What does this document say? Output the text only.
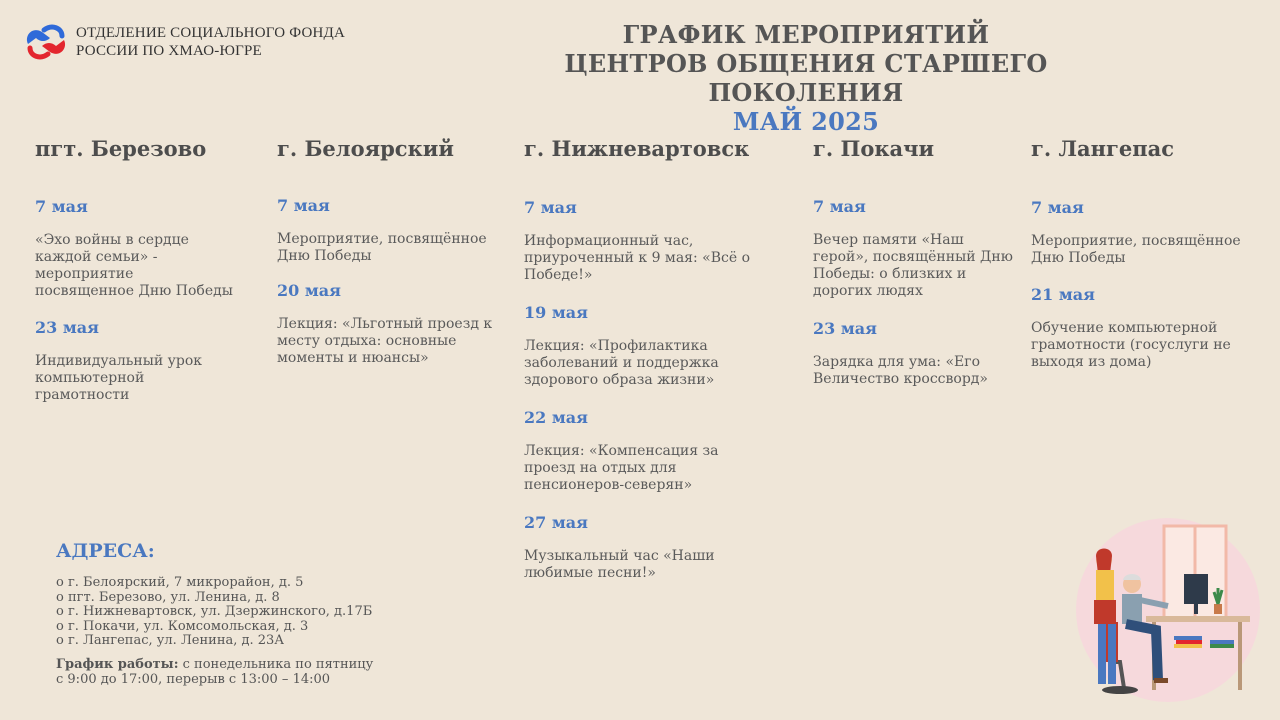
ОТДЕЛЕНИЕ СОЦИАЛЬНОГО ФОНДА
РОССИИ ПО ХМАО-ЮГРЕ
ГРАФИК МЕРОПРИЯТИЙ
ЦЕНТРОВ ОБЩЕНИЯ СТАРШЕГО ПОКОЛЕНИЯ
МАЙ 2025
пгт. Березово
7 мая
«Эхо войны в сердце каждой семьи» - мероприятие посвященное Дню Победы
23 мая
Индивидуальный урок компьютерной грамотности
г. Белоярский
7 мая
Мероприятие, посвящённое Дню Победы
20 мая
Лекция: «Льготный проезд к месту отдыха: основные моменты и нюансы»
г. Нижневартовск
7 мая
Информационный час, приуроченный к 9 мая: «Всё о Победе!»
19 мая
Лекция: «Профилактика заболеваний и поддержка здорового образа жизни»
22 мая
Лекция: «Компенсация за проезд на отдых для пенсионеров-северян»
27 мая
Музыкальный час «Наши любимые песни!»
г. Покачи
7 мая
Вечер памяти «Наш герой», посвящённый Дню Победы: о близких и дорогих людях
23 мая
Зарядка для ума: «Его Величество кроссворд»
г. Лангепас
7 мая
Мероприятие, посвящённое Дню Победы
21 мая
Обучение компьютерной грамотности (госуслуги не выходя из дома)
АДРЕСА:
o г. Белоярский, 7 микрорайон, д. 5
o пгт. Березово, ул. Ленина, д. 8
o г. Нижневартовск, ул. Дзержинского, д.17Б
o г. Покачи, ул. Комсомольская, д. 3
o г. Лангепас, ул. Ленина, д. 23А
График работы: с понедельника по пятницу
с 9:00 до 17:00, перерыв с 13:00 – 14:00
